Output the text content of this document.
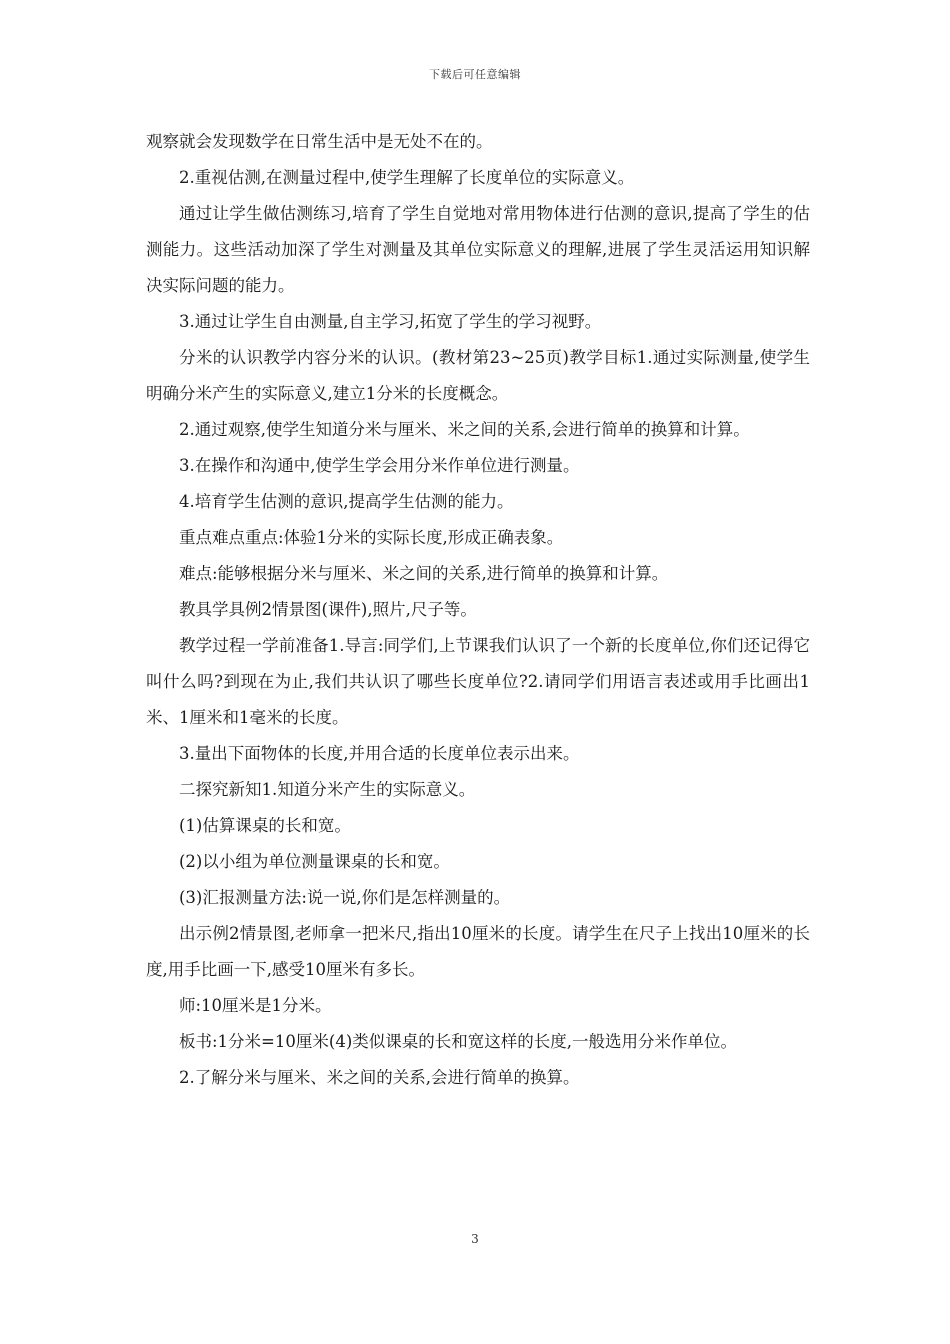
下载后可任意编辑

观察就会发现数学在日常生活中是无处不在的。

2.重视估测,在测量过程中,使学生理解了长度单位的实际意义。

通过让学生做估测练习,培育了学生自觉地对常用物体进行估测的意识,提高了学生的估测能力。这些活动加深了学生对测量及其单位实际意义的理解,进展了学生灵活运用知识解决实际问题的能力。

3.通过让学生自由测量,自主学习,拓宽了学生的学习视野。

分米的认识教学内容分米的认识。(教材第23~25页)教学目标1.通过实际测量,使学生明确分米产生的实际意义,建立1分米的长度概念。

2.通过观察,使学生知道分米与厘米、米之间的关系,会进行简单的换算和计算。

3.在操作和沟通中,使学生学会用分米作单位进行测量。

4.培育学生估测的意识,提高学生估测的能力。

重点难点重点:体验1分米的实际长度,形成正确表象。

难点:能够根据分米与厘米、米之间的关系,进行简单的换算和计算。

教具学具例2情景图(课件),照片,尺子等。

教学过程一学前准备1.导言:同学们,上节课我们认识了一个新的长度单位,你们还记得它叫什么吗?到现在为止,我们共认识了哪些长度单位?2.请同学们用语言表述或用手比画出1米、1厘米和1毫米的长度。

3.量出下面物体的长度,并用合适的长度单位表示出来。

二探究新知1.知道分米产生的实际意义。

(1)估算课桌的长和宽。

(2)以小组为单位测量课桌的长和宽。

(3)汇报测量方法:说一说,你们是怎样测量的。

出示例2情景图,老师拿一把米尺,指出10厘米的长度。请学生在尺子上找出10厘米的长度,用手比画一下,感受10厘米有多长。

师:10厘米是1分米。

板书:1分米=10厘米(4)类似课桌的长和宽这样的长度,一般选用分米作单位。

2.了解分米与厘米、米之间的关系,会进行简单的换算。

3
